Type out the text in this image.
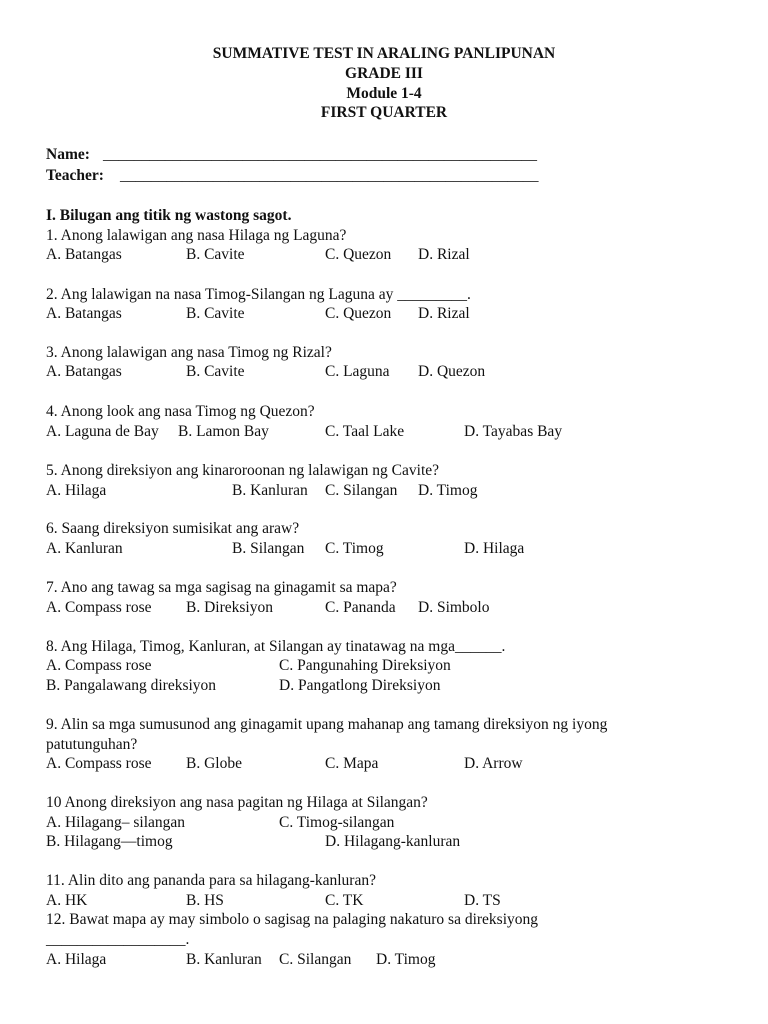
SUMMATIVE TEST IN ARALING PANLIPUNAN
GRADE III
Module 1-4
FIRST QUARTER
Name: ________________________________________________________
Teacher: ______________________________________________________
I. Bilugan ang titik ng wastong sagot.
1. Anong lalawigan ang nasa Hilaga ng Laguna?
A. Batangas	B. Cavite	C. Quezon D. Rizal
2. Ang lalawigan na nasa Timog-Silangan ng Laguna ay _________.
A. Batangas	B. Cavite	C. Quezon D. Rizal
3. Anong lalawigan ang nasa Timog ng Rizal?
A. Batangas	B. Cavite	C. Laguna D. Quezon
4. Anong look ang nasa Timog ng Quezon?
A. Laguna de Bay B. Lamon Bay	C. Taal Lake	D. Tayabas Bay
5. Anong direksiyon ang kinaroroonan ng lalawigan ng Cavite?
A. Hilaga	B. Kanluran C. Silangan D. Timog
6. Saang direksiyon sumisikat ang araw?
A. Kanluran	B. Silangan C. Timog	D. Hilaga
7. Ano ang tawag sa mga sagisag na ginagamit sa mapa?
A. Compass rose B. Direksiyon	C. Pananda D. Simbolo
8. Ang Hilaga, Timog, Kanluran, at Silangan ay tinatawag na mga______.
A. Compass rose	C. Pangunahing Direksiyon
B. Pangalawang direksiyon	D. Pangatlong Direksiyon
9. Alin sa mga sumusunod ang ginagamit upang mahanap ang tamang direksiyon ng iyong
patutunguhan?
A. Compass rose B. Globe	C. Mapa	D. Arrow
10 Anong direksiyon ang nasa pagitan ng Hilaga at Silangan?
A. Hilagang– silangan	C. Timog-silangan
B. Hilagang—timog	D. Hilagang-kanluran
11. Alin dito ang pananda para sa hilagang-kanluran?
A. HK	B. HS	C. TK	D. TS
12. Bawat mapa ay may simbolo o sagisag na palaging nakaturo sa direksiyong
__________________.
A. Hilaga	B. Kanluran C. Silangan D. Timog
